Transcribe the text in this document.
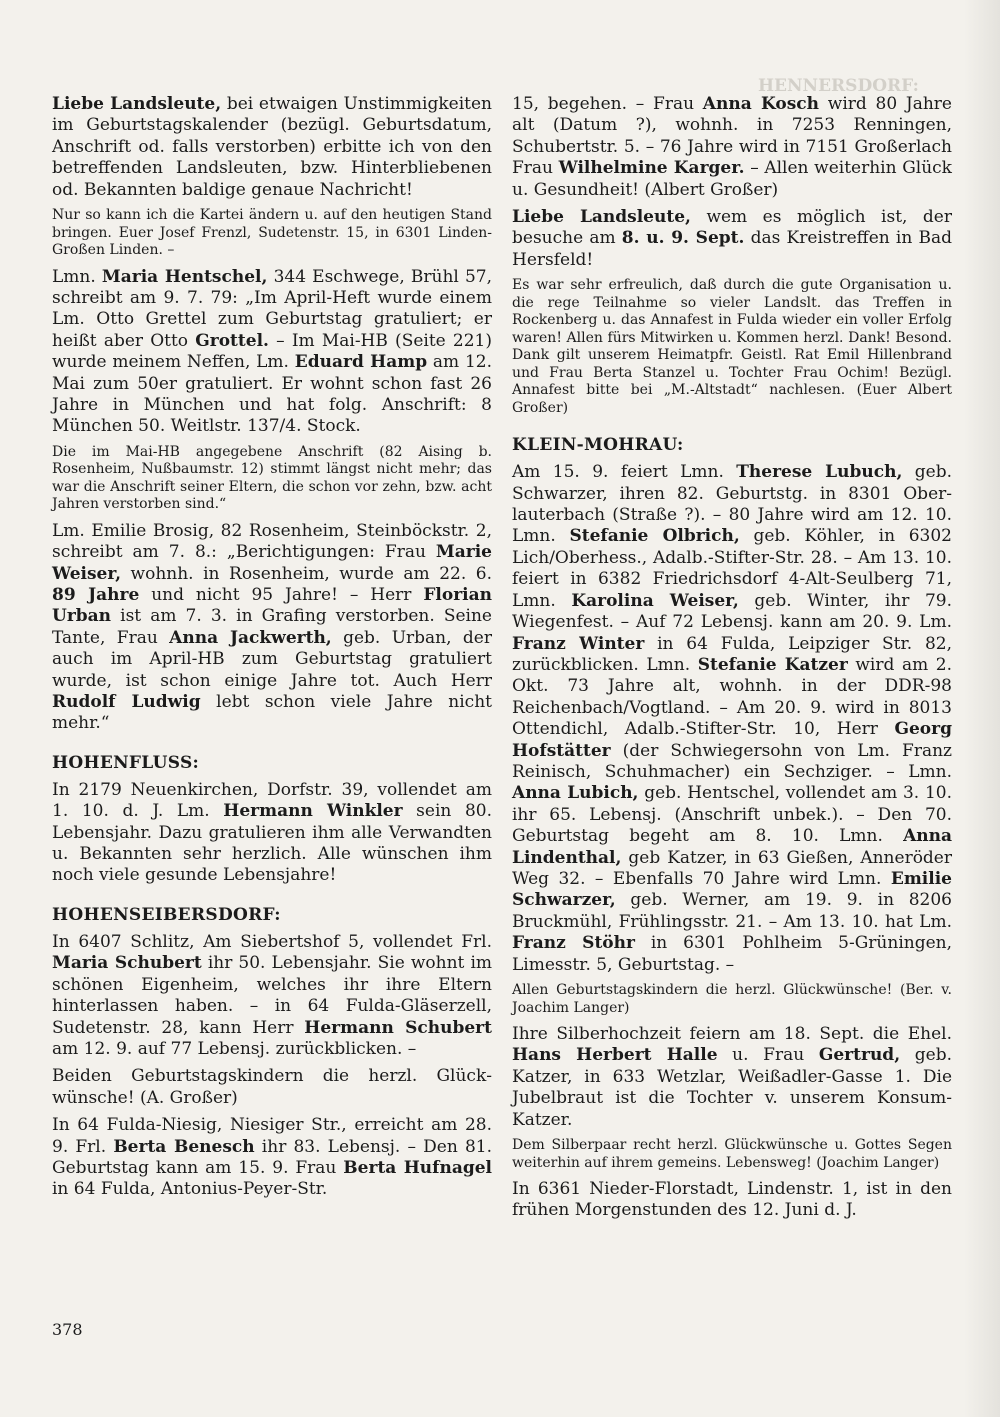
HENNERSDORF:

Liebe Landsleute, bei etwaigen Unstimmigkeiten im Geburtstagskalender (bezügl. Geburtsdatum, Anschrift od. falls verstorben) erbitte ich von den betreffenden Landsleuten, bzw. Hinterbliebenen od. Bekannten baldige genaue Nachricht!

Nur so kann ich die Kartei ändern u. auf den heutigen Stand bringen. Euer Josef Frenzl, Sudetenstr. 15, in 6301 Linden-Großen Linden. –

Lmn. Maria Hentschel, 344 Eschwege, Brühl 57, schreibt am 9. 7. 79: „Im April-Heft wurde einem Lm. Otto Grettel zum Geburtstag gratuliert; er heißt aber Otto Grottel. – Im Mai-HB (Seite 221) wurde meinem Neffen, Lm. Eduard Hamp am 12. Mai zum 50er gratuliert. Er wohnt schon fast 26 Jahre in München und hat folg. Anschrift: 8 München 50. Weitlstr. 137/4. Stock.

Die im Mai-HB angegebene Anschrift (82 Aising b. Rosenheim, Nußbaumstr. 12) stimmt längst nicht mehr; das war die Anschrift seiner Eltern, die schon vor zehn, bzw. acht Jahren verstorben sind.“

Lm. Emilie Brosig, 82 Rosenheim, Steinböckstr. 2, schreibt am 7. 8.: „Berichtigungen: Frau Marie Weiser, wohnh. in Rosenheim, wurde am 22. 6. 89 Jahre und nicht 95 Jahre! – Herr Florian Urban ist am 7. 3. in Grafing verstorben. Seine Tante, Frau Anna Jackwerth, geb. Urban, der auch im April-HB zum Geburtstag gratuliert wurde, ist schon einige Jahre tot. Auch Herr Rudolf Ludwig lebt schon viele Jahre nicht mehr.“

HOHENFLUSS:

In 2179 Neuenkirchen, Dorfstr. 39, vollendet am 1. 10. d. J. Lm. Hermann Winkler sein 80. Lebensjahr. Dazu gratulieren ihm alle Verwandten u. Bekannten sehr herzlich. Alle wünschen ihm noch viele gesunde Lebensjahre!

HOHENSEIBERSDORF:

In 6407 Schlitz, Am Siebertshof 5, vollendet Frl. Maria Schubert ihr 50. Lebensjahr. Sie wohnt im schönen Eigenheim, welches ihr ihre Eltern hinterlassen haben. – in 64 Fulda-Gläserzell, Sudetenstr. 28, kann Herr Hermann Schubert am 12. 9. auf 77 Lebensj. zurückblicken. –

Beiden Geburtstagskindern die herzl. Glückwünsche! (A. Großer)

In 64 Fulda-Niesig, Niesiger Str., erreicht am 28. 9. Frl. Berta Benesch ihr 83. Lebensj. – Den 81. Geburtstag kann am 15. 9. Frau Berta Hufnagel in 64 Fulda, Antonius-Peyer-Str.

15, begehen. – Frau Anna Kosch wird 80 Jahre alt (Datum ?), wohnh. in 7253 Renningen, Schubertstr. 5. – 76 Jahre wird in 7151 Großerlach Frau Wilhelmine Karger. – Allen weiterhin Glück u. Gesundheit! (Albert Großer)

Liebe Landsleute, wem es möglich ist, der besuche am 8. u. 9. Sept. das Kreistreffen in Bad Hersfeld!

Es war sehr erfreulich, daß durch die gute Organisation u. die rege Teilnahme so vieler Landslt. das Treffen in Rockenberg u. das Annafest in Fulda wieder ein voller Erfolg waren! Allen fürs Mitwirken u. Kommen herzl. Dank! Besond. Dank gilt unserem Heimatpfr. Geistl. Rat Emil Hillenbrand und Frau Berta Stanzel u. Tochter Frau Ochim! Bezügl. Annafest bitte bei „M.-Altstadt“ nachlesen. (Euer Albert Großer)

KLEIN-MOHRAU:

Am 15. 9. feiert Lmn. Therese Lubuch, geb. Schwarzer, ihren 82. Geburtstg. in 8301 Oberlauterbach (Straße ?). – 80 Jahre wird am 12. 10. Lmn. Stefanie Olbrich, geb. Köhler, in 6302 Lich/Oberhess., Adalb.-Stifter-Str. 28. – Am 13. 10. feiert in 6382 Friedrichsdorf 4-Alt-Seulberg 71, Lmn. Karolina Weiser, geb. Winter, ihr 79. Wiegenfest. – Auf 72 Lebensj. kann am 20. 9. Lm. Franz Winter in 64 Fulda, Leipziger Str. 82, zurückblicken. Lmn. Stefanie Katzer wird am 2. Okt. 73 Jahre alt, wohnh. in der DDR-98 Reichenbach/Vogtland. – Am 20. 9. wird in 8013 Ottendichl, Adalb.-Stifter-Str. 10, Herr Georg Hofstätter (der Schwiegersohn von Lm. Franz Reinisch, Schuhmacher) ein Sechziger. – Lmn. Anna Lubich, geb. Hentschel, vollendet am 3. 10. ihr 65. Lebensj. (Anschrift unbek.). – Den 70. Geburtstag begeht am 8. 10. Lmn. Anna Lindenthal, geb Katzer, in 63 Gießen, Anneröder Weg 32. – Ebenfalls 70 Jahre wird Lmn. Emilie Schwarzer, geb. Werner, am 19. 9. in 8206 Bruckmühl, Frühlingsstr. 21. – Am 13. 10. hat Lm. Franz Stöhr in 6301 Pohlheim 5-Grüningen, Limesstr. 5, Geburtstag. –

Allen Geburtstagskindern die herzl. Glückwünsche! (Ber. v. Joachim Langer)

Ihre Silberhochzeit feiern am 18. Sept. die Ehel. Hans Herbert Halle u. Frau Gertrud, geb. Katzer, in 633 Wetzlar, Weißadler-Gasse 1. Die Jubelbraut ist die Tochter v. unserem Konsum-Katzer.

Dem Silberpaar recht herzl. Glückwünsche u. Gottes Segen weiterhin auf ihrem gemeins. Lebensweg! (Joachim Langer)

In 6361 Nieder-Florstadt, Lindenstr. 1, ist in den frühen Morgenstunden des 12. Juni d. J.

378
